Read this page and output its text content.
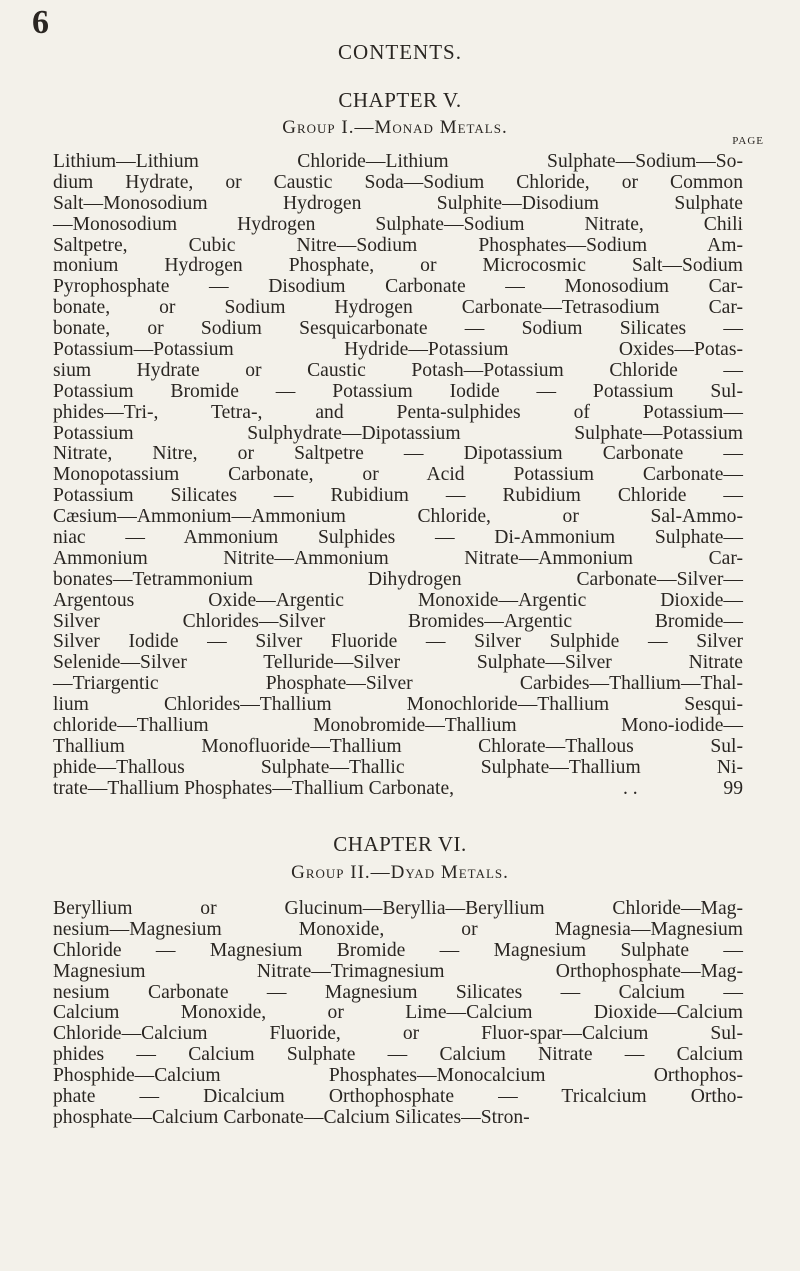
6
CONTENTS.
CHAPTER V.
Group I.—Monad Metals.
PAGE
Lithium—Lithium Chloride—Lithium Sulphate—Sodium—So-
dium Hydrate, or Caustic Soda—Sodium Chloride, or Common
Salt—Monosodium Hydrogen Sulphite—Disodium Sulphate
—Monosodium Hydrogen Sulphate—Sodium Nitrate, Chili
Saltpetre, Cubic Nitre—Sodium Phosphates—Sodium Am-
monium Hydrogen Phosphate, or Microcosmic Salt—Sodium
Pyrophosphate — Disodium Carbonate — Monosodium Car-
bonate, or Sodium Hydrogen Carbonate—Tetrasodium Car-
bonate, or Sodium Sesquicarbonate — Sodium Silicates —
Potassium—Potassium Hydride—Potassium Oxides—Potas-
sium Hydrate or Caustic Potash—Potassium Chloride —
Potassium Bromide — Potassium Iodide — Potassium Sul-
phides—Tri-, Tetra-, and Penta-sulphides of Potassium—
Potassium Sulphydrate—Dipotassium Sulphate—Potassium
Nitrate, Nitre, or Saltpetre — Dipotassium Carbonate —
Monopotassium Carbonate, or Acid Potassium Carbonate—
Potassium Silicates — Rubidium — Rubidium Chloride —
Cæsium—Ammonium—Ammonium Chloride, or Sal-Ammo-
niac — Ammonium Sulphides — Di-Ammonium Sulphate—
Ammonium Nitrite—Ammonium Nitrate—Ammonium Car-
bonates—Tetrammonium Dihydrogen Carbonate—Silver—
Argentous Oxide—Argentic Monoxide—Argentic Dioxide—
Silver Chlorides—Silver Bromides—Argentic Bromide—
Silver Iodide — Silver Fluoride — Silver Sulphide — Silver
Selenide—Silver Telluride—Silver Sulphate—Silver Nitrate
—Triargentic Phosphate—Silver Carbides—Thallium—Thal-
lium Chlorides—Thallium Monochloride—Thallium Sesqui-
chloride—Thallium Monobromide—Thallium Mono-iodide—
Thallium Monofluoride—Thallium Chlorate—Thallous Sul-
phide—Thallous Sulphate—Thallic Sulphate—Thallium Ni-
trate—Thallium Phosphates—Thallium Carbonate,	. .	99
CHAPTER VI.
Group II.—Dyad Metals.
Beryllium or Glucinum—Beryllia—Beryllium Chloride—Mag-
nesium—Magnesium Monoxide, or Magnesia—Magnesium
Chloride — Magnesium Bromide — Magnesium Sulphate —
Magnesium Nitrate—Trimagnesium Orthophosphate—Mag-
nesium Carbonate — Magnesium Silicates — Calcium —
Calcium Monoxide, or Lime—Calcium Dioxide—Calcium
Chloride—Calcium Fluoride, or Fluor-spar—Calcium Sul-
phides — Calcium Sulphate — Calcium Nitrate — Calcium
Phosphide—Calcium Phosphates—Monocalcium Orthophos-
phate — Dicalcium Orthophosphate — Tricalcium Ortho-
phosphate—Calcium Carbonate—Calcium Silicates—Stron-
